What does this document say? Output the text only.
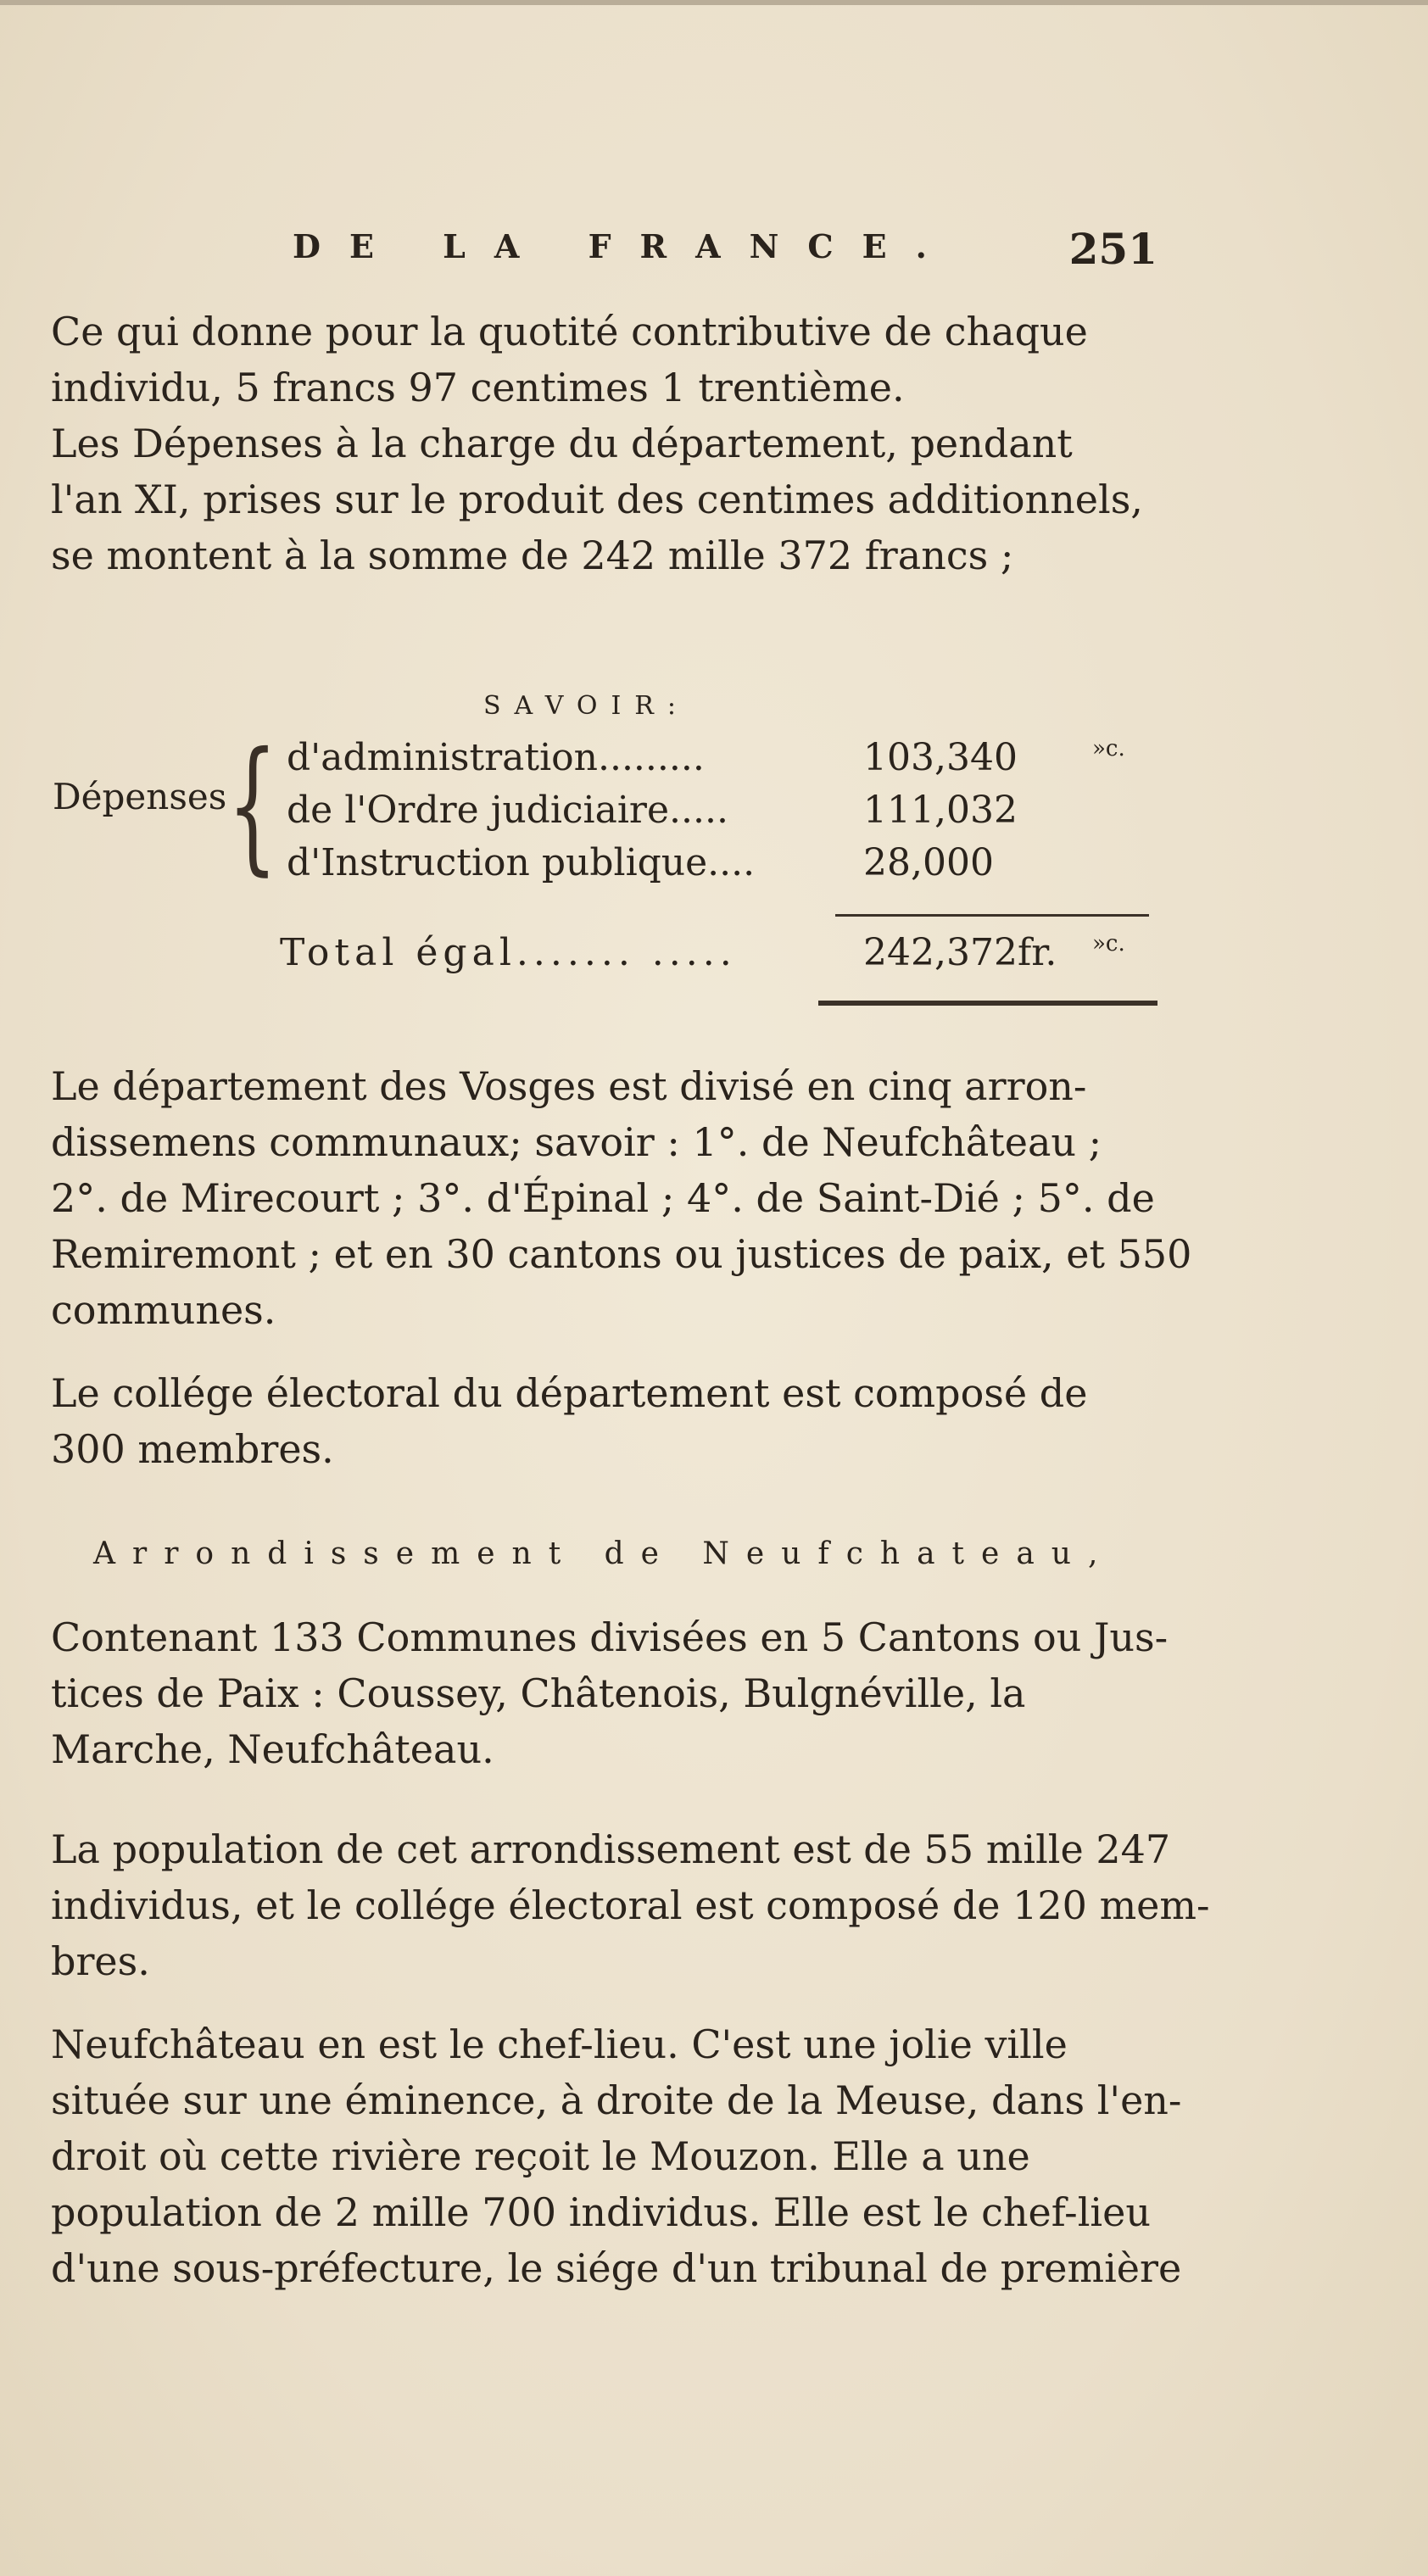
DE LA FRANCE.	251
Ce qui donne pour la quotité contributive de chaque
individu, 5 francs 97 centimes 1 trentième.
Les Dépenses à la charge du département, pendant
l'an XI, prises sur le produit des centimes additionnels,
se montent à la somme de 242 mille 372 francs ;
SAVOIR:
Dépenses { d'administration.........	103,340	»c.
de l'Ordre judiciaire.....	111,032
d'Instruction publique....	28,000
Total égal....... .....	242,372fr. »c.
Le département des Vosges est divisé en cinq arron-
dissemens communaux; savoir : 1°. de Neufchâteau ;
2°. de Mirecourt ; 3°. d'Épinal ; 4°. de Saint-Dié ; 5°. de
Remiremont ; et en 30 cantons ou justices de paix, et 550
communes.
Le collége électoral du département est composé de
300 membres.
Arrondissement de Neufchateau,
Contenant 133 Communes divisées en 5 Cantons ou Jus-
tices de Paix : Coussey, Châtenois, Bulgnéville, la
Marche, Neufchâteau.
La population de cet arrondissement est de 55 mille 247
individus, et le collége électoral est composé de 120 mem-
bres.
Neufchâteau en est le chef-lieu. C'est une jolie ville
située sur une éminence, à droite de la Meuse, dans l'en-
droit où cette rivière reçoit le Mouzon. Elle a une
population de 2 mille 700 individus. Elle est le chef-lieu
d'une sous-préfecture, le siége d'un tribunal de première
